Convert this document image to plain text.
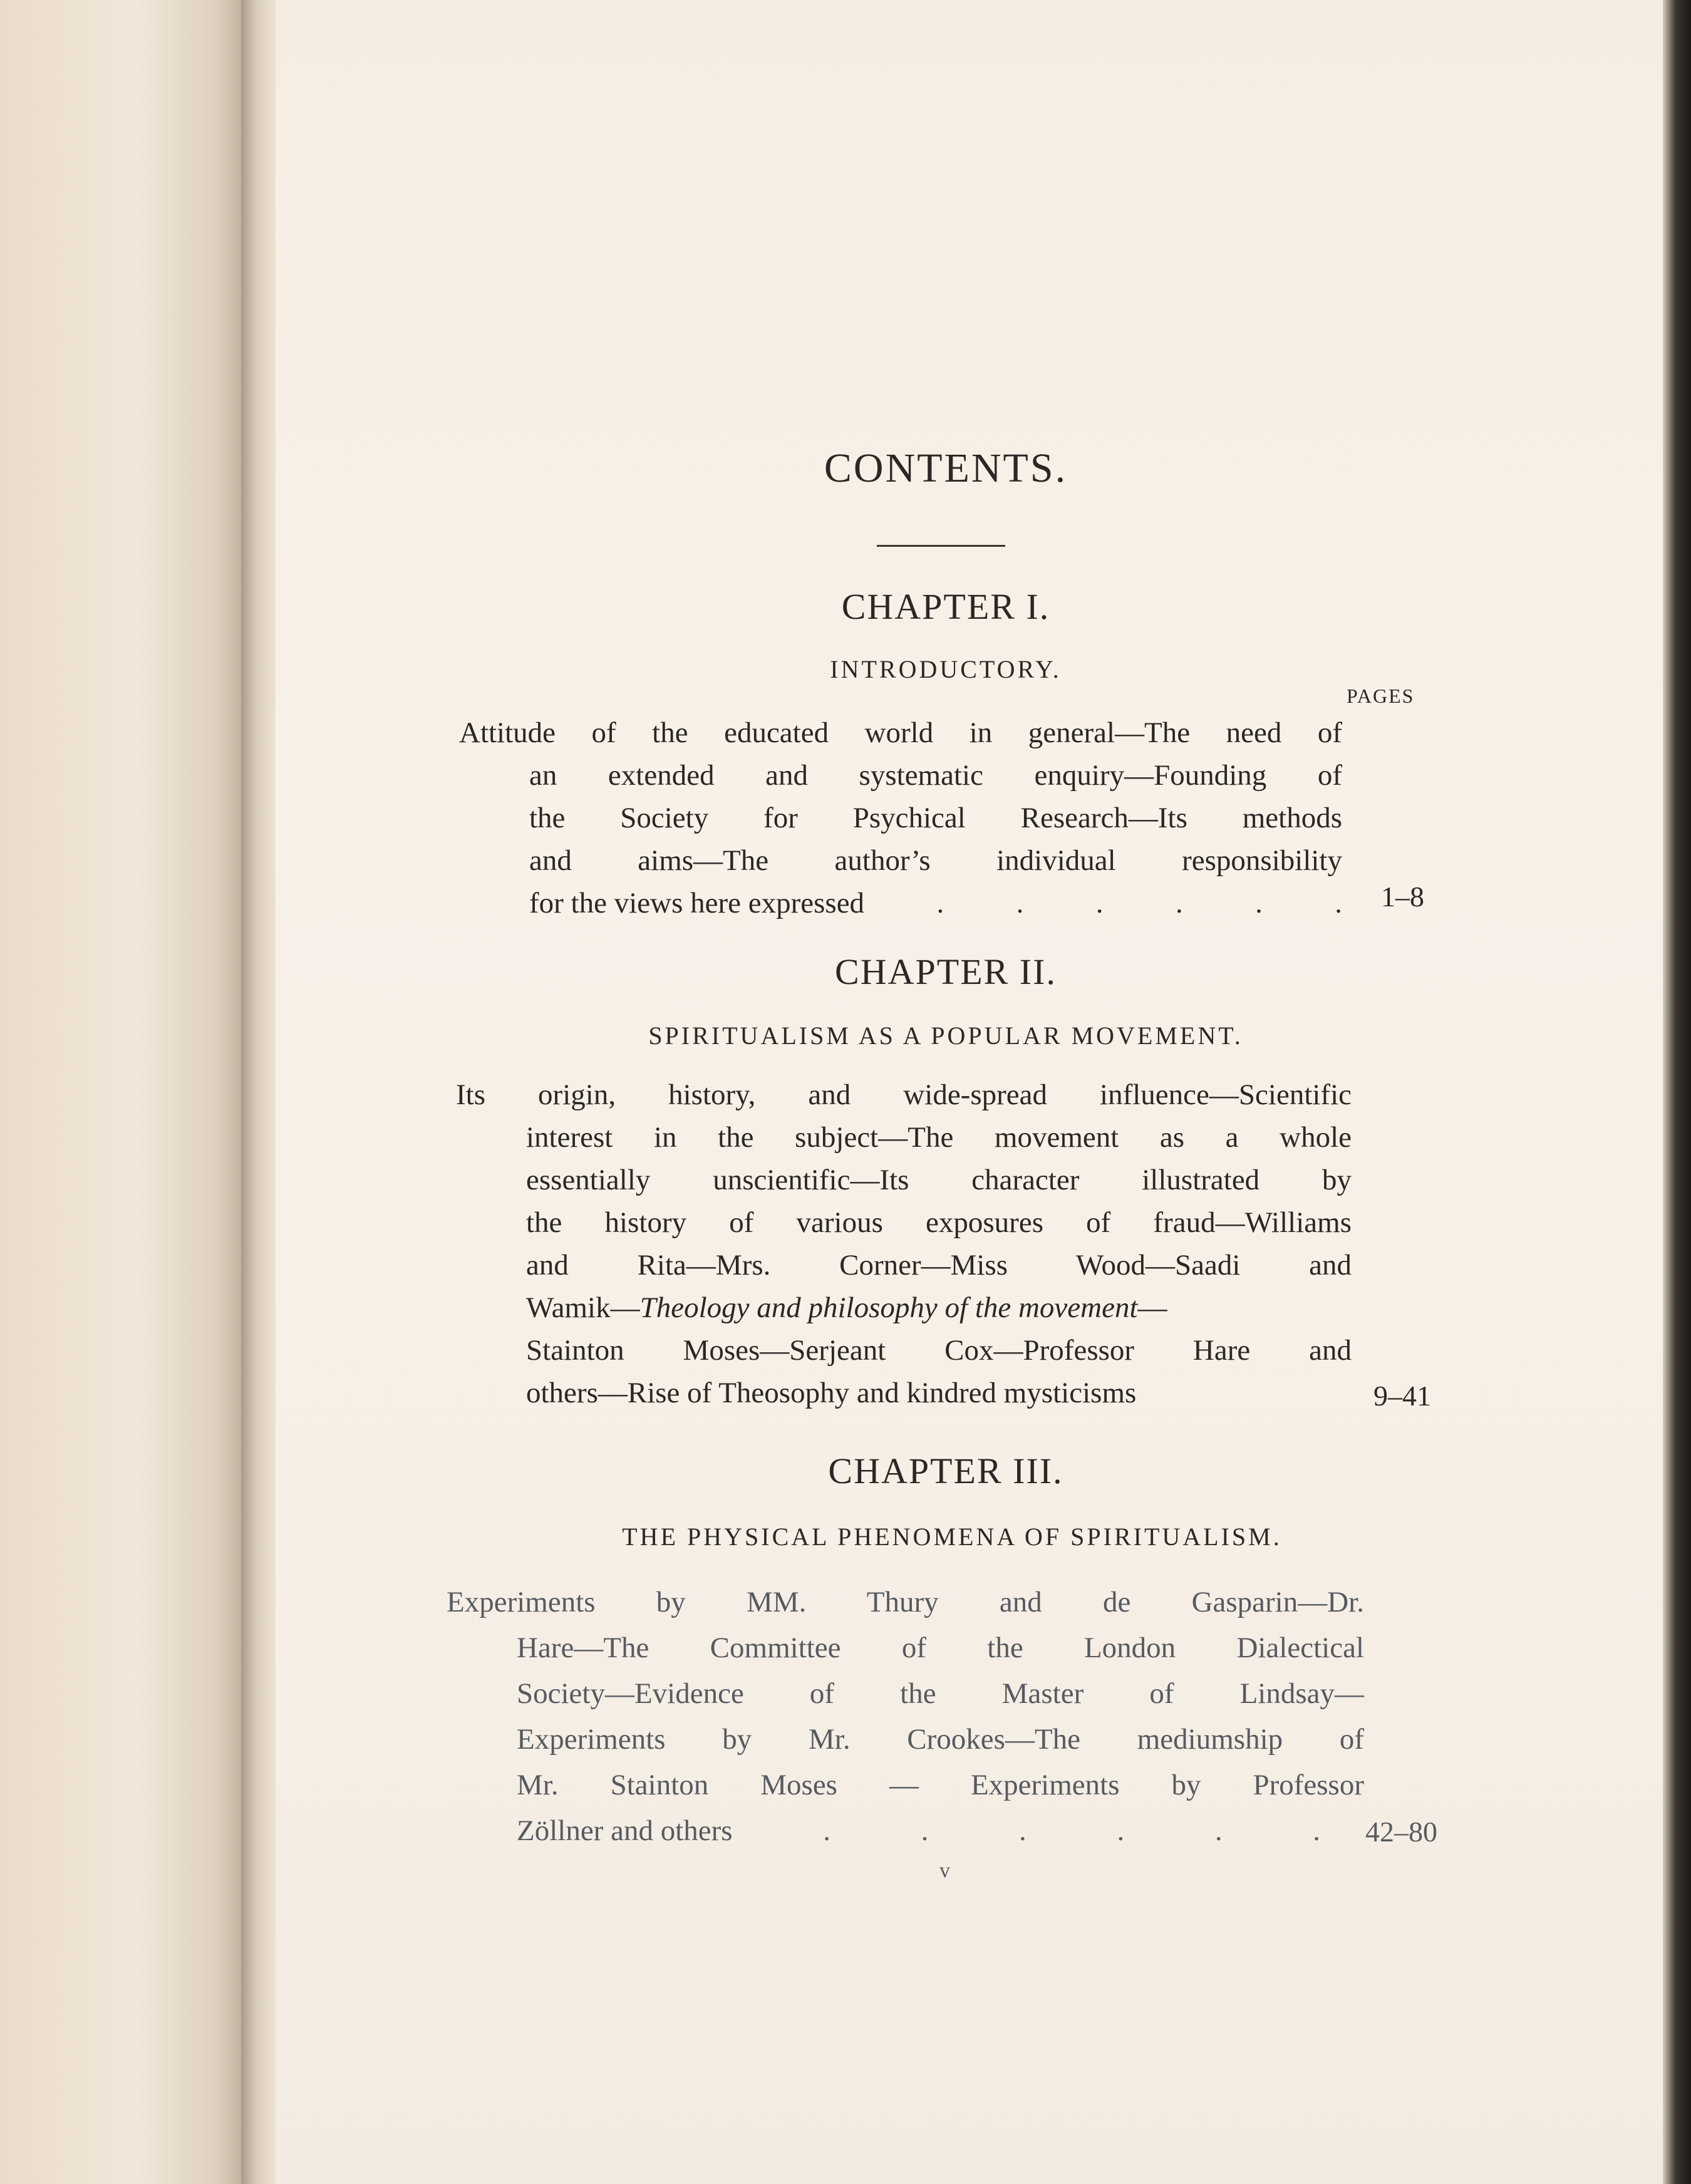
CONTENTS.
CHAPTER I.
INTRODUCTORY.
PAGES
Attitude of the educated world in general—The need of
an extended and systematic enquiry—Founding of
the Society for Psychical Research—Its methods
and aims—The author’s individual responsibility
for the views here expressed . . . . . . 1–8
CHAPTER II.
SPIRITUALISM AS A POPULAR MOVEMENT.
Its origin, history, and wide-spread influence—Scientific
interest in the subject—The movement as a whole
essentially unscientific—Its character illustrated by
the history of various exposures of fraud—Williams
and Rita—Mrs. Corner—Miss Wood—Saadi and
Wamik—Theology and philosophy of the movement—
Stainton Moses—Serjeant Cox—Professor Hare and
others—Rise of Theosophy and kindred mysticisms	9–41
CHAPTER III.
THE PHYSICAL PHENOMENA OF SPIRITUALISM.
Experiments by MM. Thury and de Gasparin—Dr.
Hare—The Committee of the London Dialectical
Society—Evidence of the Master of Lindsay—
Experiments by Mr. Crookes—The mediumship of
Mr. Stainton Moses — Experiments by Professor
Zöllner and others	.	.	.	.	.	. 42–80
v
